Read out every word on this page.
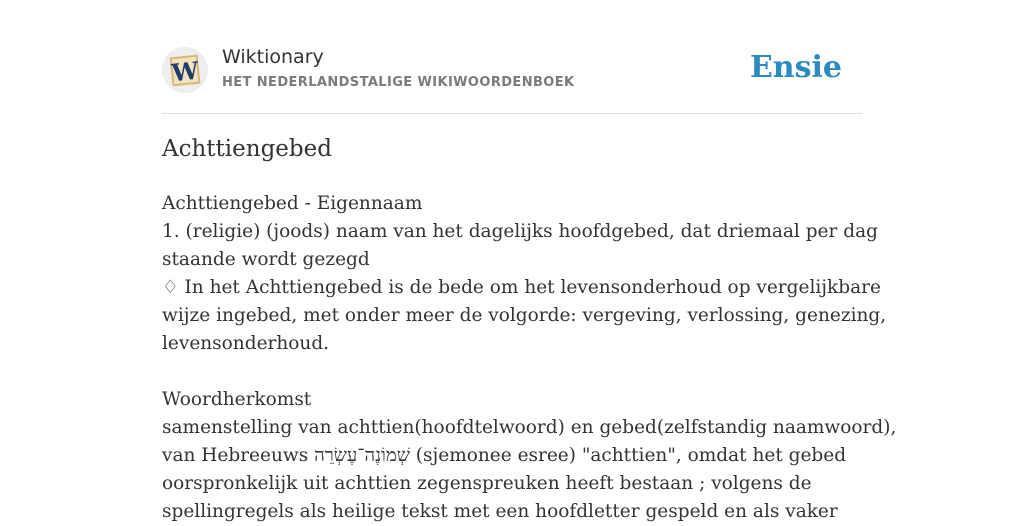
W Wiktionary
HET NEDERLANDSTALIGE WIKIWOORDENBOEK	Ensie
Achttiengebed

Achttiengebed - Eigennaam

1. (religie) (joods) naam van het dagelijks hoofdgebed, dat driemaal per dag

staande wordt gezegd

♢ In het Achttiengebed is de bede om het levensonderhoud op vergelijkbare

wijze ingebed, met onder meer de volgorde: vergeving, verlossing, genezing,

levensonderhoud.

Woordherkomst

samenstelling van achttien(hoofdtelwoord) en gebed(zelfstandig naamwoord),

van Hebreeuws שְׁמוֹנֶה־עֶשְׂרֵה (sjemonee esree) "achttien", omdat het gebed

oorspronkelijk uit achttien zegenspreuken heeft bestaan ; volgens de

spellingregels als heilige tekst met een hoofdletter gespeld en als vaker
